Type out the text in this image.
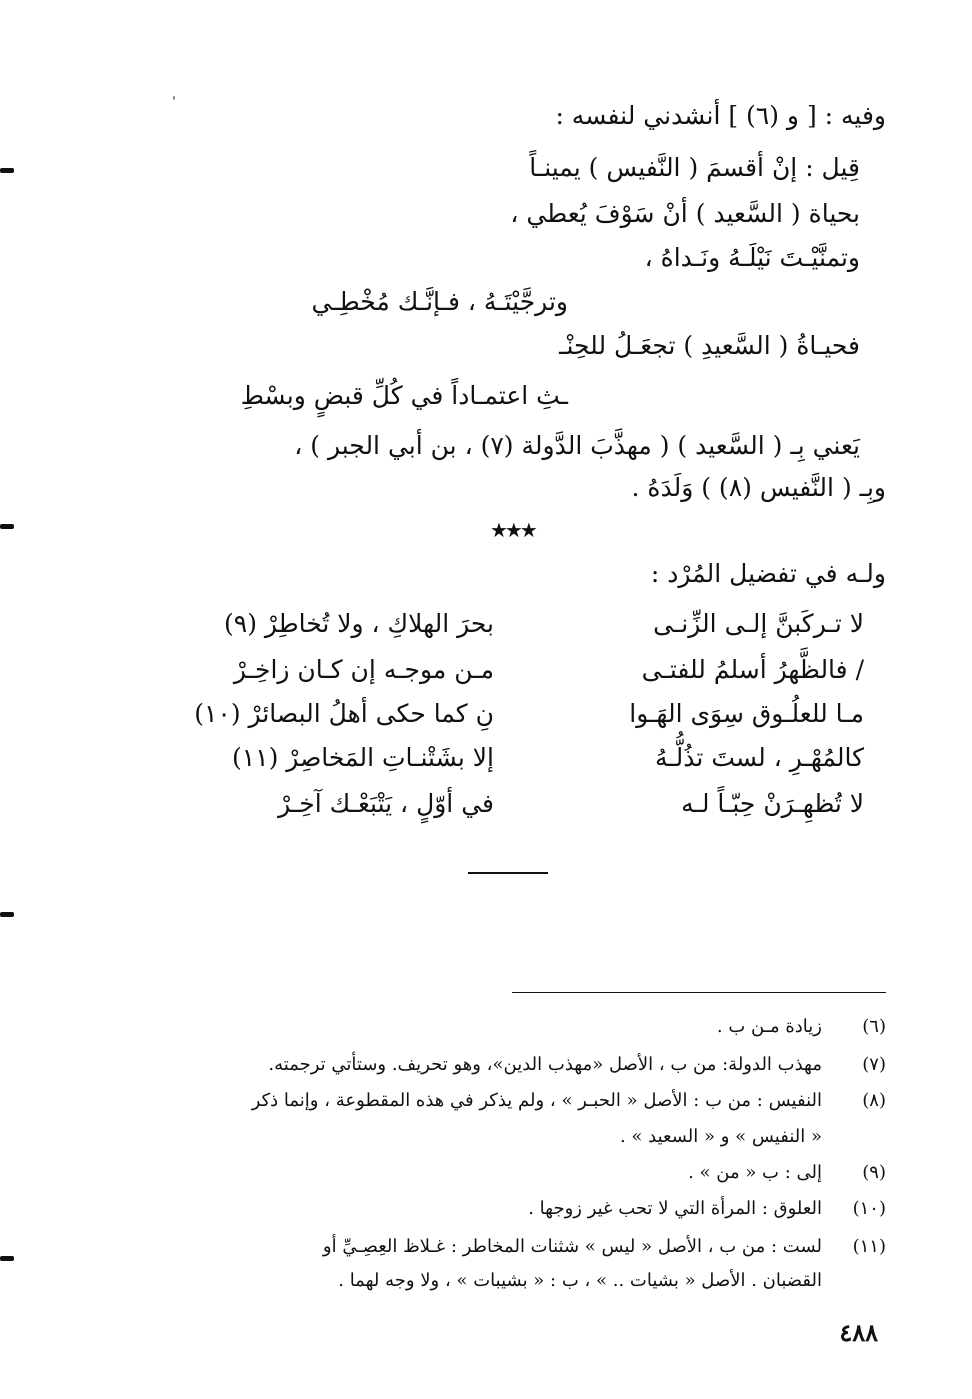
ˌ
وفيه : [ و (٦) ] أنشدني لنفسه :
قِيل : إنْ أقسمَ ( النَّفيس ) يمينـاً
بحياة ( السَّعيد ) أنْ سَوْفَ يُعطي ،
وتمنَّيْـتَ نَيْلَـهُ ونَـداهُ ،
وترجَّيْتَـهُ ، فـإنَّـك مُخْطِـي
فحيـاةُ ( السَّعيدِ ) تجعَـلُ للحِنْـ
ـثِ اعتمـاداً في كُلِّ قبضٍ وبسْطِ
يَعني بِـ ( السَّعيد ) ( مهذَّبَ الدَّولة (٧) ، بن أبي الجبر ) ،
وبِـ ( النَّفيس (٨) ) وَلَدَهُ .
★★★
ولـه في تفضيل المُرْد :
لا تـركَبنَّ إلـى الزِّنـى
بحرَ الهلاكِ ، ولا تُخاطِرْ (٩)
/ فالظَّهرُ أسلمُ للفتـى
مـن موجـه إن كـان زاخِـرْ
مـا للعلُـوق سِوَى الهَـوا
نِ كما حكى أهلُ البصائرْ (١٠)
كالمُهْـرِ ، لستَ تذُلُّـهُ
إلا بشَتْنـاتِ المَخاصِرْ (١١)
لا تُظهِـرَنْ حِبّـاً لـه
في أوّلٍ ، يَتْبَعْـك آخِـرْ
(٦)
زيادة مـن ب .
(٧)
مهذب الدولة: من ب ، الأصل «مهذب الدين»، وهو تحريف. وستأتي ترجمته.
(٨)
النفيس : من ب : الأصل « الحبـر » ، ولم يذكر في هذه المقطوعة ، وإنما ذكر
« النفيس » و « السعيد » .
(٩)
إلى : ب « من » .
(١٠)
العلوق : المرأة التي لا تحب غير زوجها .
(١١)
لست : من ب ، الأصل « ليس » شثنات المخاطر : غـلاظ العِصِـيِّ أو
القضبان . الأصل « بشيات .. » ، ب : « بشيبات » ، ولا وجه لهما .
٤٨٨
